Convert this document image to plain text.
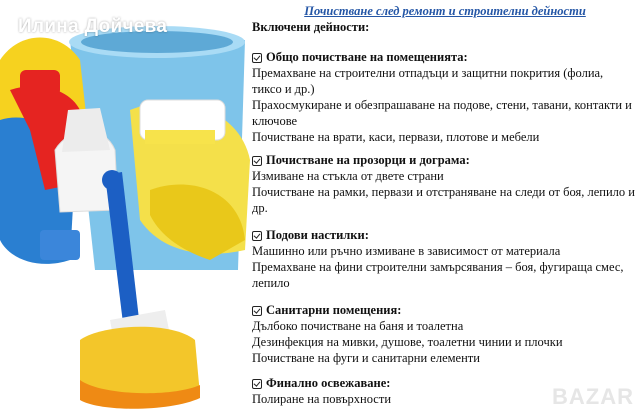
Илина Дойчева
Почистване след ремонт и строителни дейности
Включени дейности:
Общо почистване на помещенията:
Премахване на строителни отпадъци и защитни покрития (фолиа, тиксо и др.)
Прахосмукиране и обезпрашаване на подове, стени, тавани, контакти и ключове
Почистване на врати, каси, первази, плотове и мебели
Почистване на прозорци и дограма:
Измиване на стъкла от двете страни
Почистване на рамки, первази и отстраняване на следи от боя, лепило и др.
Подови настилки:
Машинно или ръчно измиване в зависимост от материала
Премахване на фини строителни замърсявания – боя, фугираща смес, лепило
Санитарни помещения:
Дълбоко почистване на баня и тоалетна
Дезинфекция на мивки, душове, тоалетни чинии и плочки
Почистване на фуги и санитарни елементи
Финално освежаване:
Полиране на повърхности	BAZAR
